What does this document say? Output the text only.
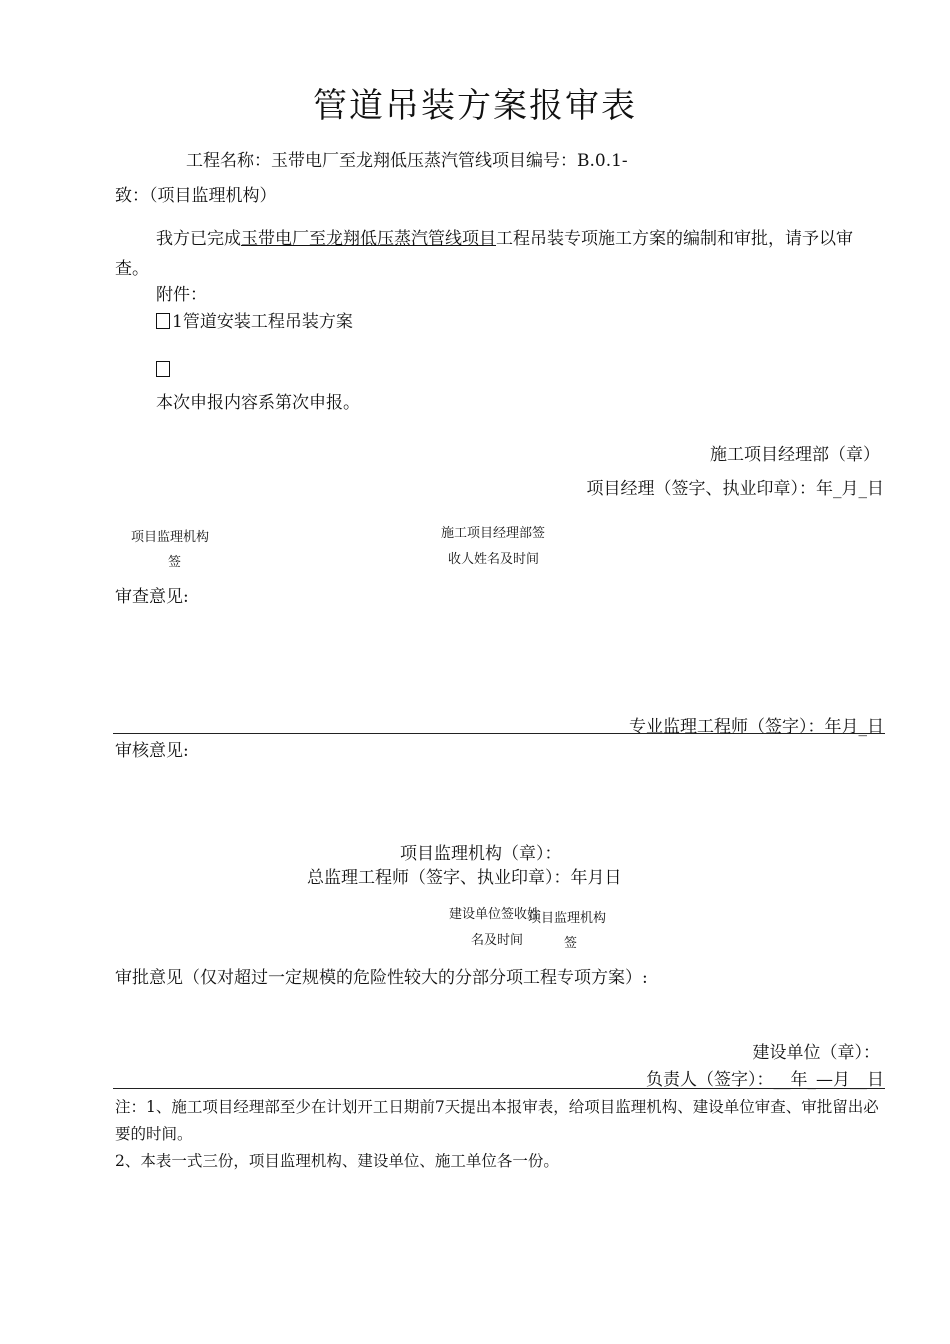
管道吊装方案报审表
工程名称：玉带电厂至龙翔低压蒸汽管线项目编号：B.0.1-
致：（项目监理机构）
我方已完成玉带电厂至龙翔低压蒸汽管线项目工程吊装专项施工方案的编制和审批，请予以审查。
附件：
1管道安装工程吊装方案
本次申报内容系第次申报。
施工项目经理部（章）
项目经理（签字、执业印章）：年_月_日
项目监理机构
签
施工项目经理部签
收人姓名及时间
审查意见:
专业监理工程师（签字）：年月_日
审核意见:
项目监理机构（章）：
总监理工程师（签字、执业印章）：年月日
建设单位签收姓
名及时间
项目监理机构
签
审批意见（仅对超过一定规模的危险性较大的分部分项工程专项方案）:
建设单位（章）：
负责人（签字）：__年_—月__日
注：1、施工项目经理部至少在计划开工日期前7天提出本报审表，给项目监理机构、建设单位审查、审批留出必要的时间。
2、本表一式三份，项目监理机构、建设单位、施工单位各一份。
